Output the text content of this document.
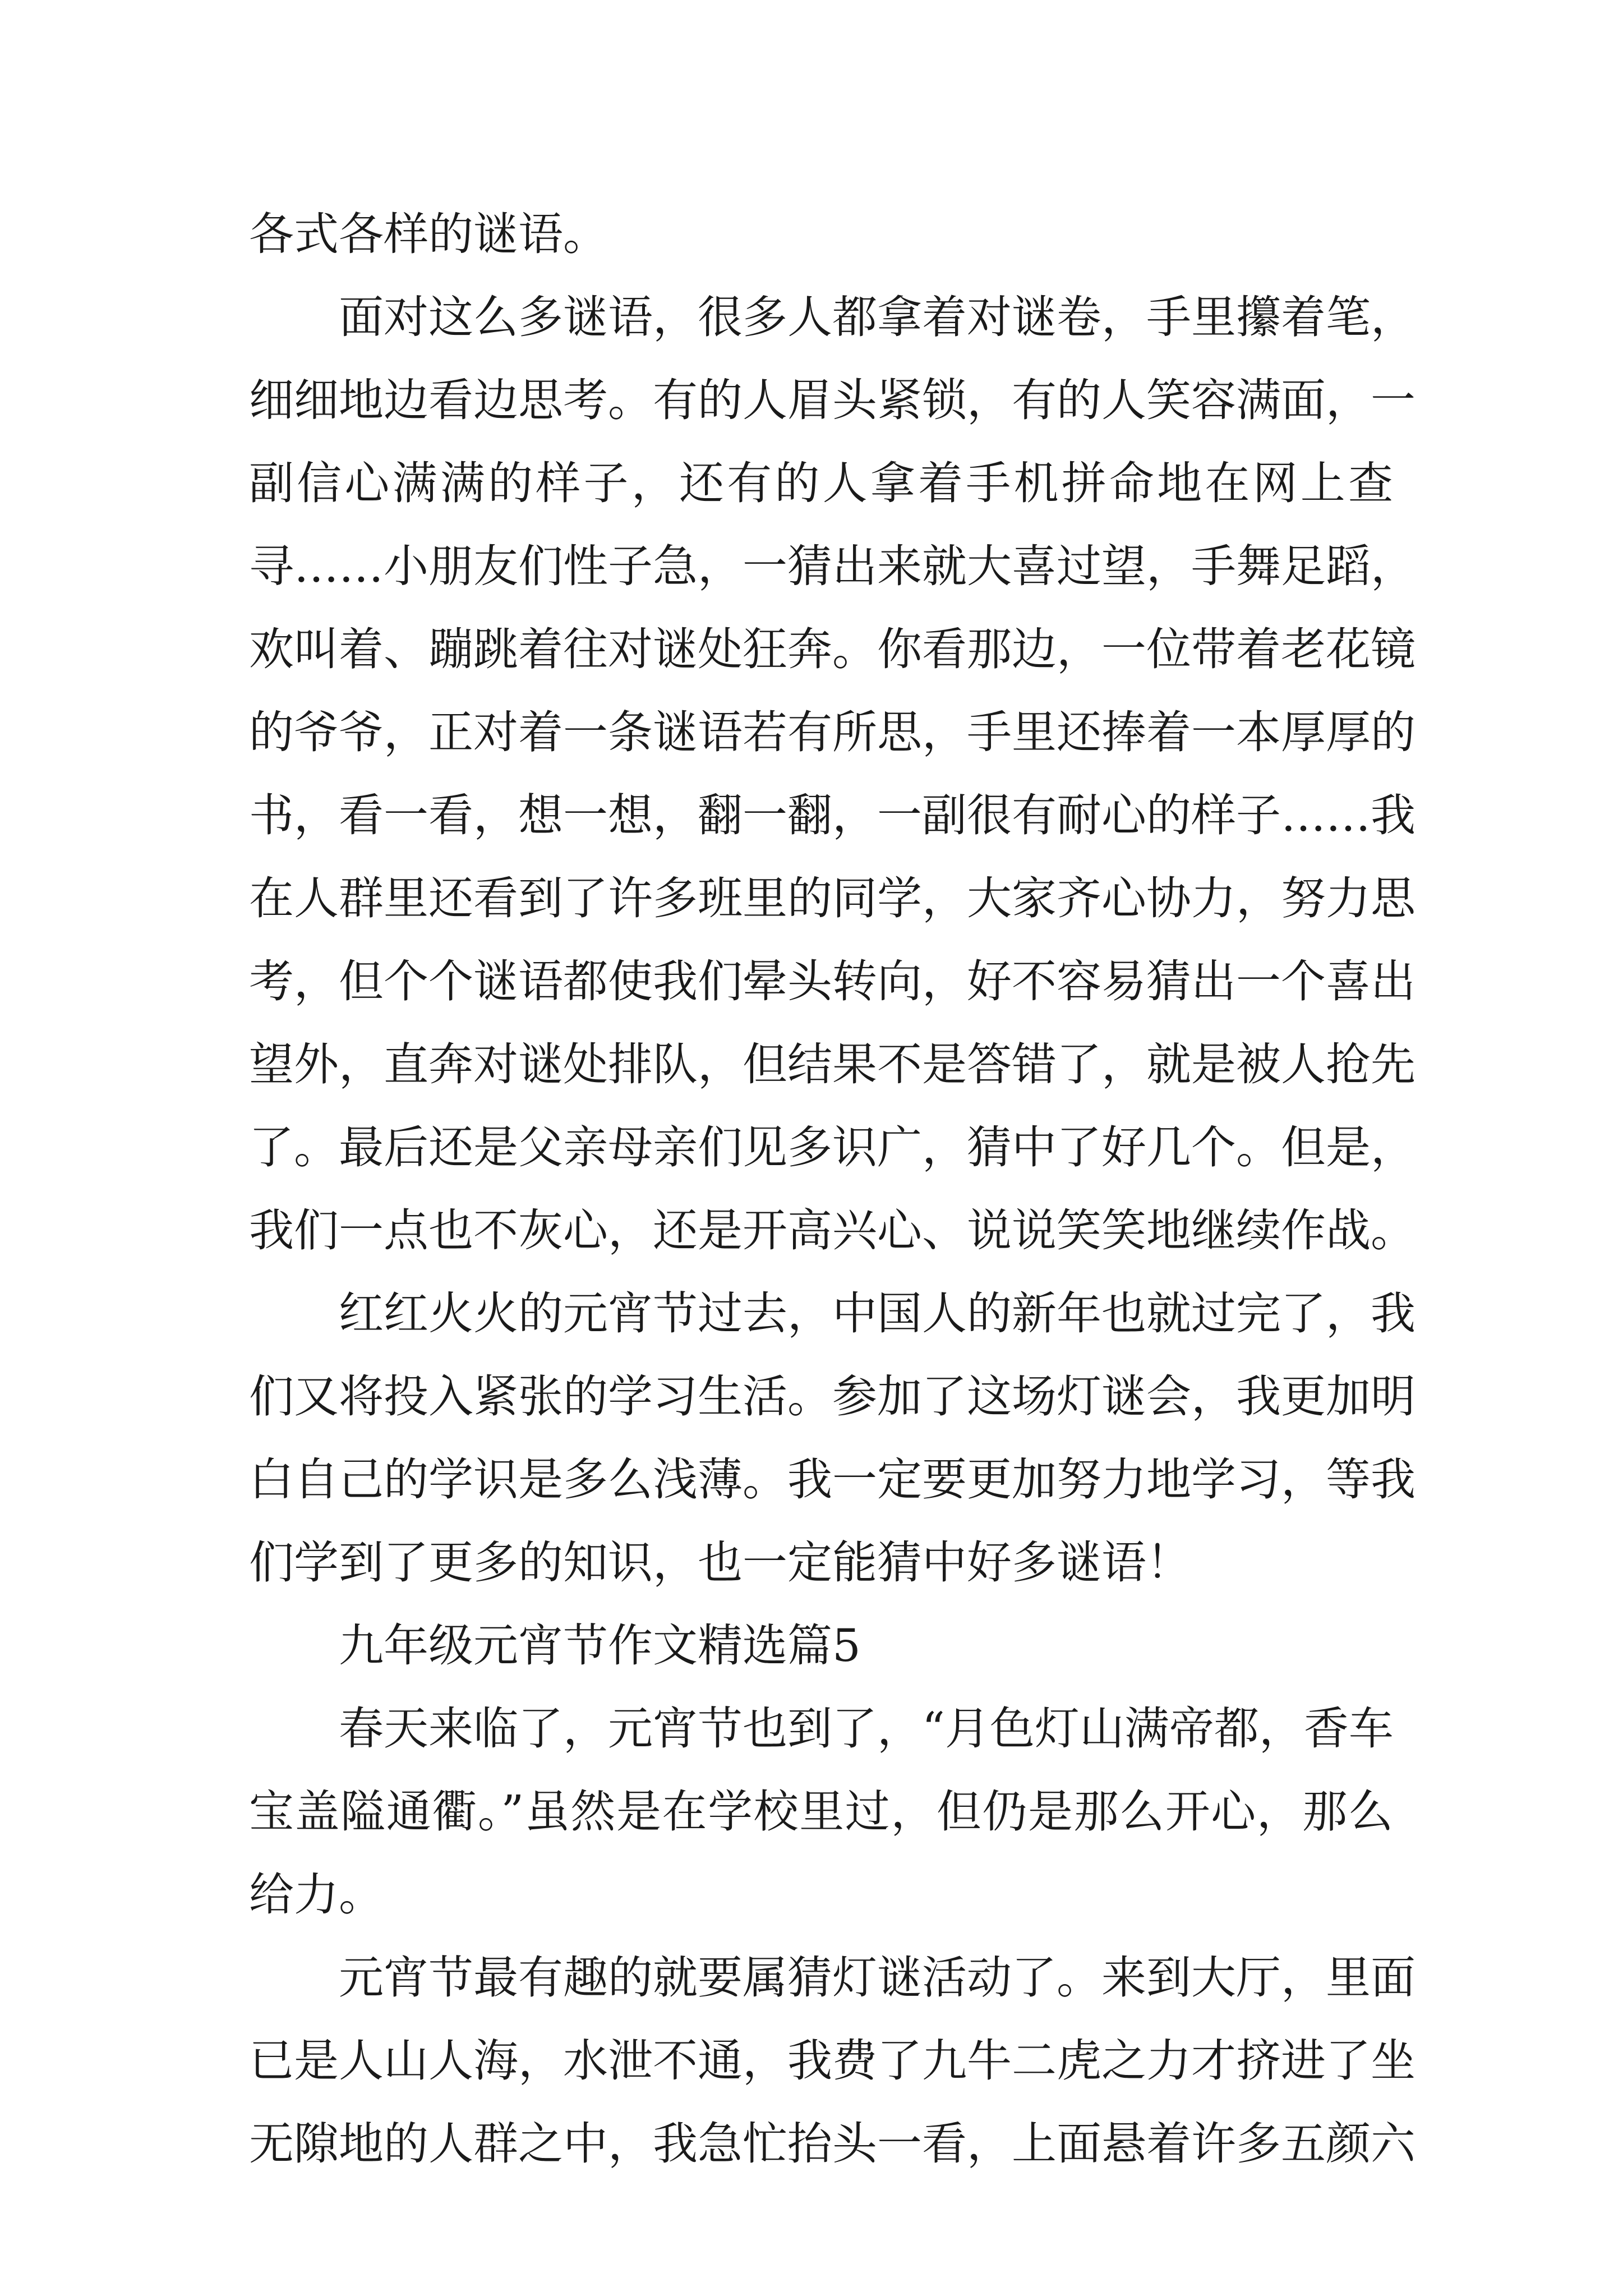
各式各样的谜语。
面对这么多谜语，很多人都拿着对谜卷，手里攥着笔，
细细地边看边思考。有的人眉头紧锁，有的人笑容满面，一
副信心满满的样子，还有的人拿着手机拼命地在网上查
寻……小朋友们性子急，一猜出来就大喜过望，手舞足蹈，
欢叫着、蹦跳着往对谜处狂奔。你看那边，一位带着老花镜
的爷爷，正对着一条谜语若有所思，手里还捧着一本厚厚的
书，看一看，想一想，翻一翻，一副很有耐心的样子……我
在人群里还看到了许多班里的同学，大家齐心协力，努力思
考，但个个谜语都使我们晕头转向，好不容易猜出一个喜出
望外，直奔对谜处排队，但结果不是答错了，就是被人抢先
了。最后还是父亲母亲们见多识广，猜中了好几个。但是，
我们一点也不灰心，还是开高兴心、说说笑笑地继续作战。
红红火火的元宵节过去，中国人的新年也就过完了，我
们又将投入紧张的学习生活。参加了这场灯谜会，我更加明
白自己的学识是多么浅薄。我一定要更加努力地学习，等我
们学到了更多的知识，也一定能猜中好多谜语！
九年级元宵节作文精选篇5
春天来临了，元宵节也到了，“月色灯山满帝都，香车
宝盖隘通衢。”虽然是在学校里过，但仍是那么开心，那么
给力。
元宵节最有趣的就要属猜灯谜活动了。来到大厅，里面
已是人山人海，水泄不通，我费了九牛二虎之力才挤进了坐
无隙地的人群之中，我急忙抬头一看，上面悬着许多五颜六
